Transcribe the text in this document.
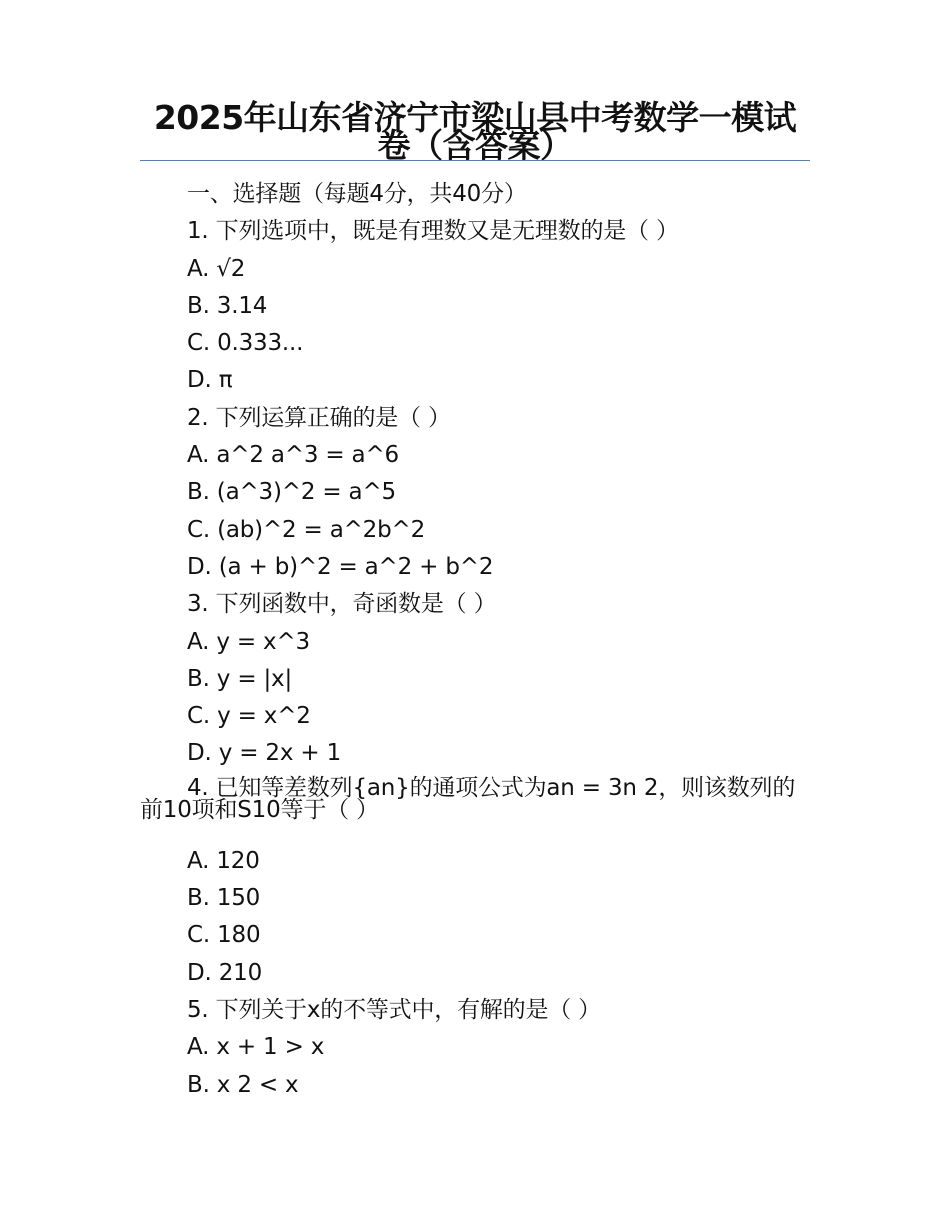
2025年山东省济宁市梁山县中考数学一模试卷（含答案）
一、选择题（每题4分，共40分）
1. 下列选项中，既是有理数又是无理数的是（ ）
A. √2
B. 3.14
C. 0.333...
D. π
2. 下列运算正确的是（ ）
A. a^2 a^3 = a^6
B. (a^3)^2 = a^5
C. (ab)^2 = a^2b^2
D. (a + b)^2 = a^2 + b^2
3. 下列函数中，奇函数是（ ）
A. y = x^3
B. y = |x|
C. y = x^2
D. y = 2x + 1
4. 已知等差数列{an}的通项公式为an = 3n 2，则该数列的前10项和S10等于（ ）
A. 120
B. 150
C. 180
D. 210
5. 下列关于x的不等式中，有解的是（ ）
A. x + 1 > x
B. x 2 < x
